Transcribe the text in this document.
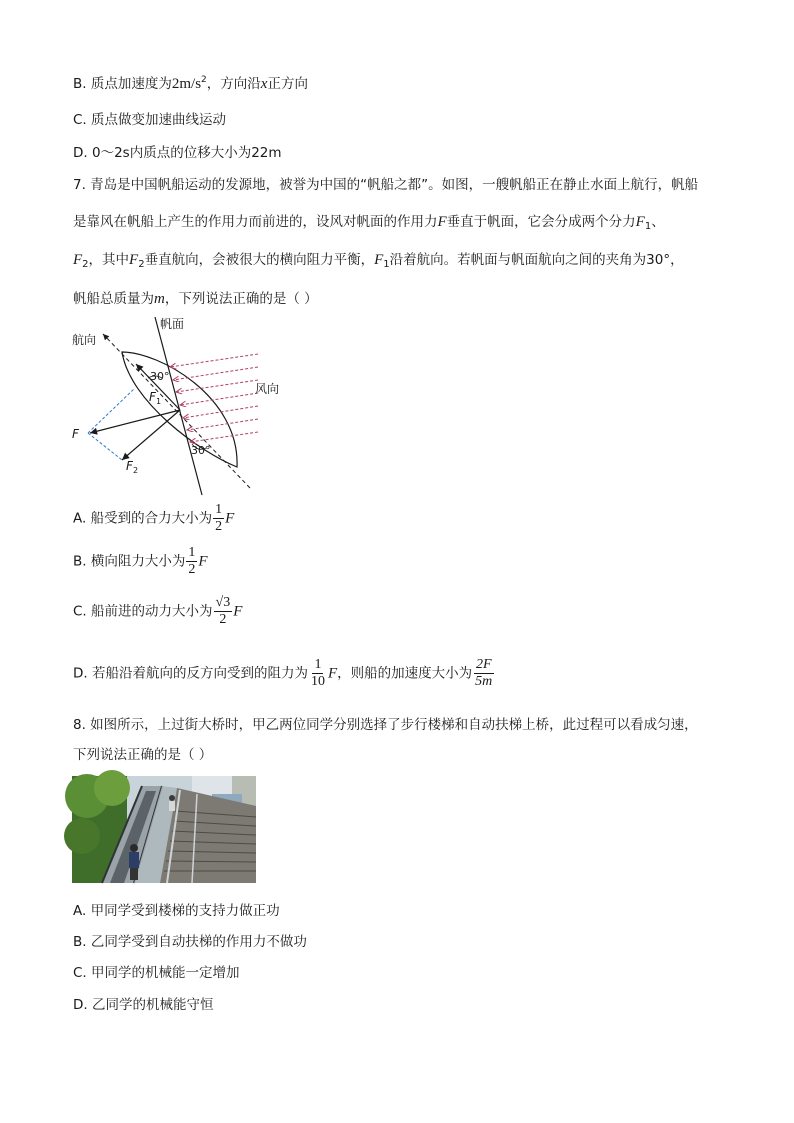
B. 质点加速度为$2m/s^2$，方向沿x正方向
C. 质点做变加速曲线运动
D. 0～2s内质点的位移大小为22m
7. 青岛是中国帆船运动的发源地，被誉为中国的“帆船之都”。如图，一艘帆船正在静止水面上航行，帆船
是靠风在帆船上产生的作用力而前进的，设风对帆面的作用力F垂直于帆面，它会分成两个分力$F_1$、
$F_2$，其中$F_2$垂直航向，会被很大的横向阻力平衡，$F_1$沿着航向。若帆面与帆面航向之间的夹角为30°，
帆船总质量为m，下列说法正确的是（ ）
航向
帆面
风向
30°
30°
F
F 1
F 2
A. 船受到的合力大小为 $\frac{1}{2}$ F
B. 横向阻力大小为 $\frac{1}{2}$ F
C. 船前进的动力大小为 $\frac{√3}{2}$ F
D. 若船沿着航向的反方向受到的阻力为 $\frac{1}{10}$ F，则船的加速度大小为 $\frac{2F}{5m}$
8. 如图所示，上过街大桥时，甲乙两位同学分别选择了步行楼梯和自动扶梯上桥，此过程可以看成匀速，
下列说法正确的是（ ）
A. 甲同学受到楼梯的支持力做正功
B. 乙同学受到自动扶梯的作用力不做功
C. 甲同学的机械能一定增加
D. 乙同学的机械能守恒
